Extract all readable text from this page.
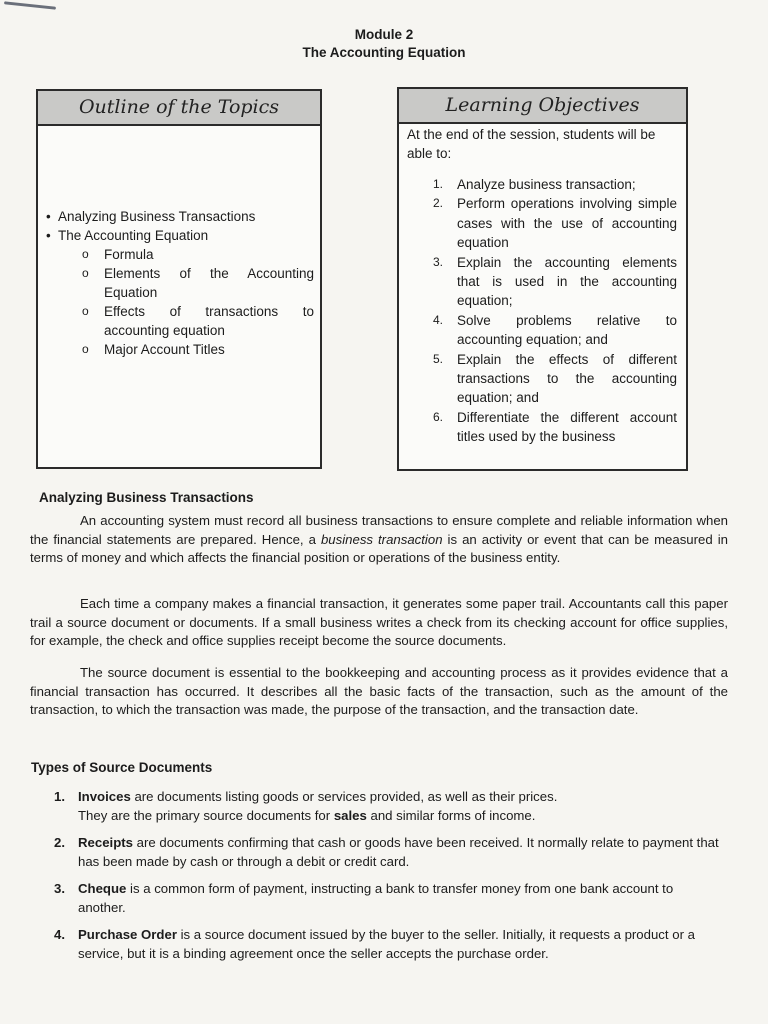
Module 2
The Accounting Equation
Outline of the Topics
• Analyzing Business Transactions
• The Accounting Equation
o Formula
o Elements of the Accounting Equation
o Effects of transactions to accounting equation
o Major Account Titles
Learning Objectives
At the end of the session, students will be able to:
1. Analyze business transaction;
2. Perform operations involving simple cases with the use of accounting equation
3. Explain the accounting elements that is used in the accounting equation;
4. Solve problems relative to accounting equation; and
5. Explain the effects of different transactions to the accounting equation; and
6. Differentiate the different account titles used by the business
Analyzing Business Transactions

An accounting system must record all business transactions to ensure complete and reliable information when the financial statements are prepared. Hence, a business transaction is an activity or event that can be measured in terms of money and which affects the financial position or operations of the business entity.

Each time a company makes a financial transaction, it generates some paper trail. Accountants call this paper trail a source document or documents. If a small business writes a check from its checking account for office supplies, for example, the check and office supplies receipt become the source documents.

The source document is essential to the bookkeeping and accounting process as it provides evidence that a financial transaction has occurred. It describes all the basic facts of the transaction, such as the amount of the transaction, to which the transaction was made, the purpose of the transaction, and the transaction date.

Types of Source Documents
1. Invoices are documents listing goods or services provided, as well as their prices.
They are the primary source documents for sales and similar forms of income.
2. Receipts are documents confirming that cash or goods have been received. It normally relate to payment that has been made by cash or through a debit or credit card.
3. Cheque is a common form of payment, instructing a bank to transfer money from one bank account to another.
4. Purchase Order is a source document issued by the buyer to the seller. Initially, it requests a product or a service, but it is a binding agreement once the seller accepts the purchase order.
